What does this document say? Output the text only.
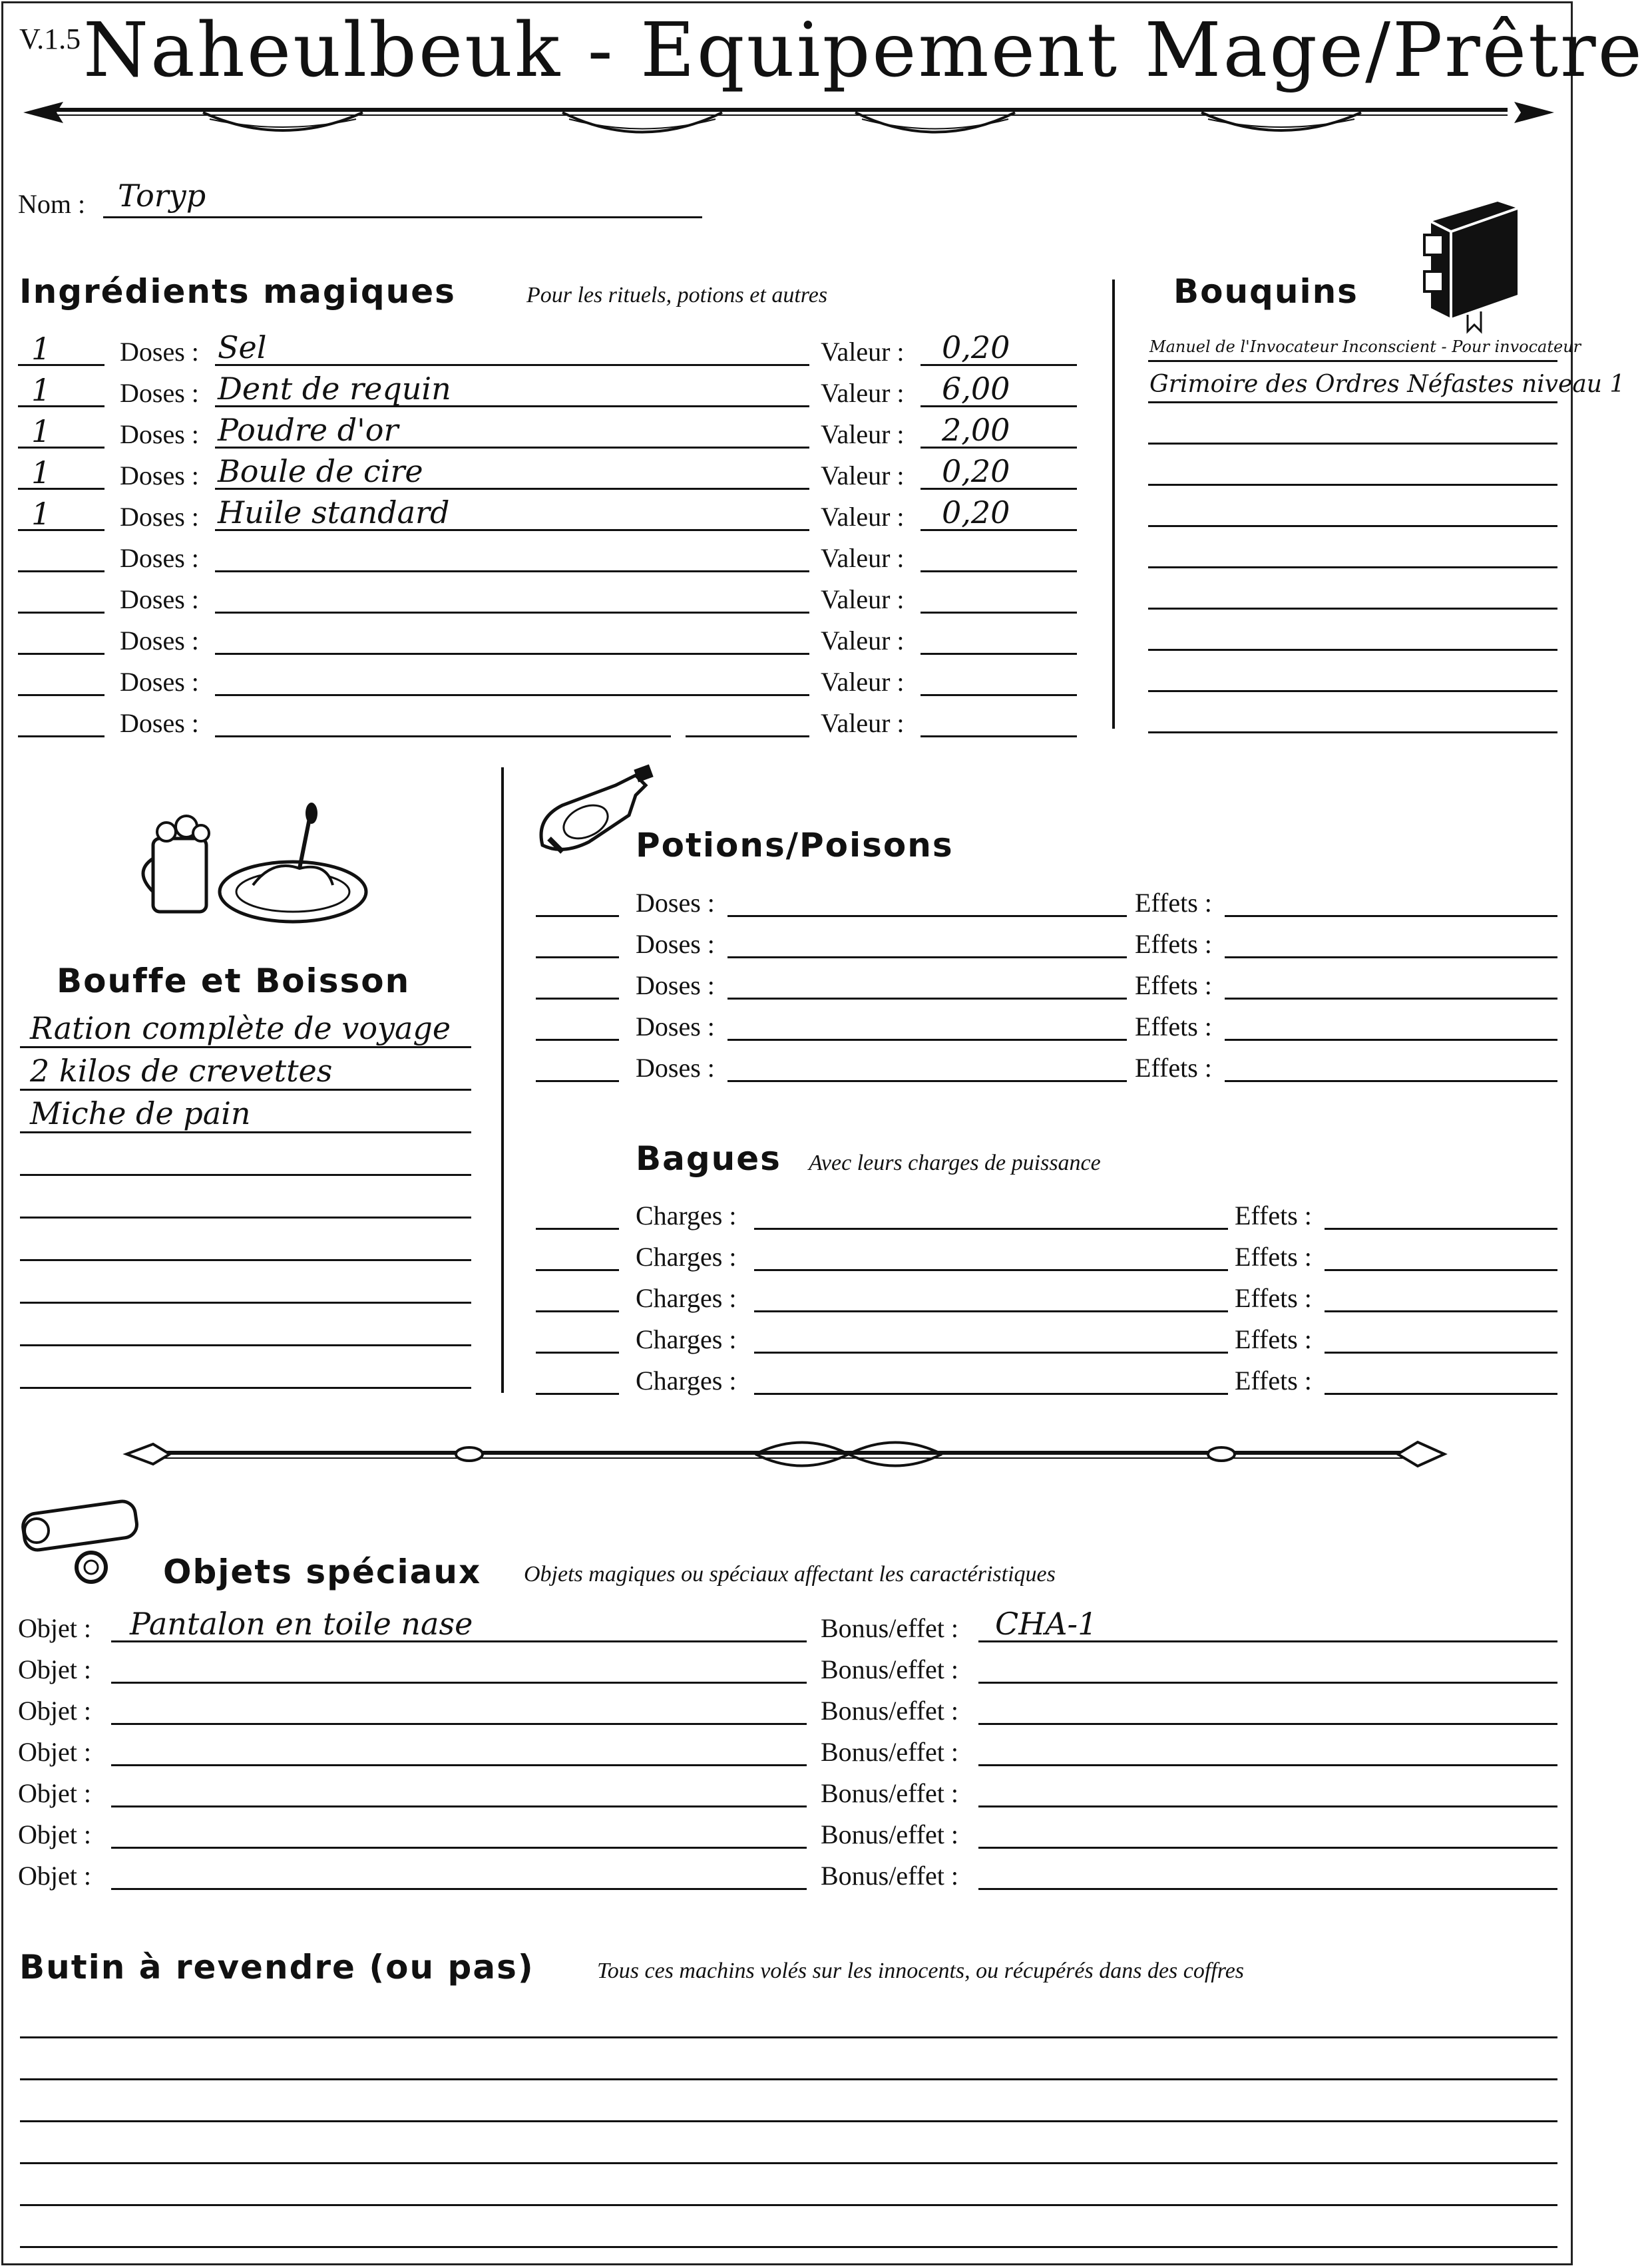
V.1.5 Naheulbeuk - Equipement Mage/Prêtre
Nom : Toryp
Ingrédients magiques	Pour les rituels, potions et autres
1	Doses : Sel	Valeur : 0,20
1	Doses : Dent de requin	Valeur : 6,00
1	Doses : Poudre d'or	Valeur : 2,00
1	Doses : Boule de cire	Valeur : 0,20
1	Doses : Huile standard	Valeur : 0,20
Doses :	Valeur :
Doses :	Valeur :
Doses :	Valeur :
Doses :	Valeur :
Doses :	Valeur :
Bouquins
Manuel de l'Invocateur Inconscient - Pour invocateur
Grimoire des Ordres Néfastes niveau 1
Bouffe et Boisson
Ration complète de voyage
2 kilos de crevettes
Miche de pain
Potions/Poisons
Doses :	Effets :
Doses :	Effets :
Doses :	Effets :
Doses :	Effets :
Doses :	Effets :
Bagues Avec leurs charges de puissance
Charges :	Effets :
Charges :	Effets :
Charges :	Effets :
Charges :	Effets :
Charges :	Effets :
Objets spéciaux Objets magiques ou spéciaux affectant les caractéristiques
Objet : Pantalon en toile nase	Bonus/effet : CHA-1
Objet :	Bonus/effet :
Objet :	Bonus/effet :
Objet :	Bonus/effet :
Objet :	Bonus/effet :
Objet :	Bonus/effet :
Objet :	Bonus/effet :
Butin à revendre (ou pas)	Tous ces machins volés sur les innocents, ou récupérés dans des coffres
